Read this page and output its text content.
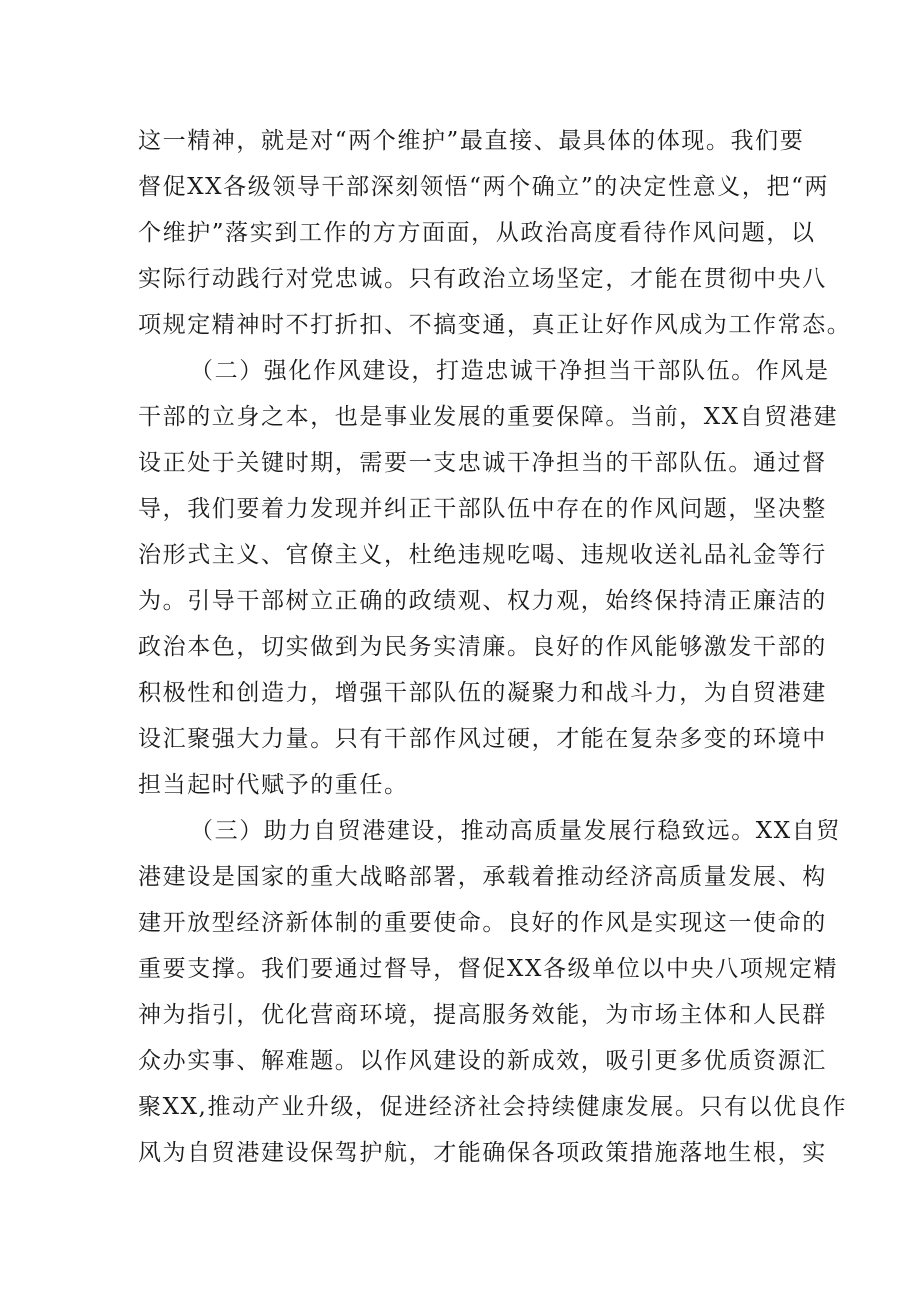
这一精神，就是对“两个维护”最直接、最具体的体现。我们要
督促XX各级领导干部深刻领悟“两个确立”的决定性意义，把“两
个维护”落实到工作的方方面面，从政治高度看待作风问题，以
实际行动践行对党忠诚。只有政治立场坚定，才能在贯彻中央八
项规定精神时不打折扣、不搞变通，真正让好作风成为工作常态。
（二）强化作风建设，打造忠诚干净担当干部队伍。作风是
干部的立身之本，也是事业发展的重要保障。当前，XX自贸港建
设正处于关键时期，需要一支忠诚干净担当的干部队伍。通过督
导，我们要着力发现并纠正干部队伍中存在的作风问题，坚决整
治形式主义、官僚主义，杜绝违规吃喝、违规收送礼品礼金等行
为。引导干部树立正确的政绩观、权力观，始终保持清正廉洁的
政治本色，切实做到为民务实清廉。良好的作风能够激发干部的
积极性和创造力，增强干部队伍的凝聚力和战斗力，为自贸港建
设汇聚强大力量。只有干部作风过硬，才能在复杂多变的环境中
担当起时代赋予的重任。
（三）助力自贸港建设，推动高质量发展行稳致远。XX自贸
港建设是国家的重大战略部署，承载着推动经济高质量发展、构
建开放型经济新体制的重要使命。良好的作风是实现这一使命的
重要支撑。我们要通过督导，督促XX各级单位以中央八项规定精
神为指引，优化营商环境，提高服务效能，为市场主体和人民群
众办实事、解难题。以作风建设的新成效，吸引更多优质资源汇
聚XX,推动产业升级，促进经济社会持续健康发展。只有以优良作
风为自贸港建设保驾护航，才能确保各项政策措施落地生根，实
